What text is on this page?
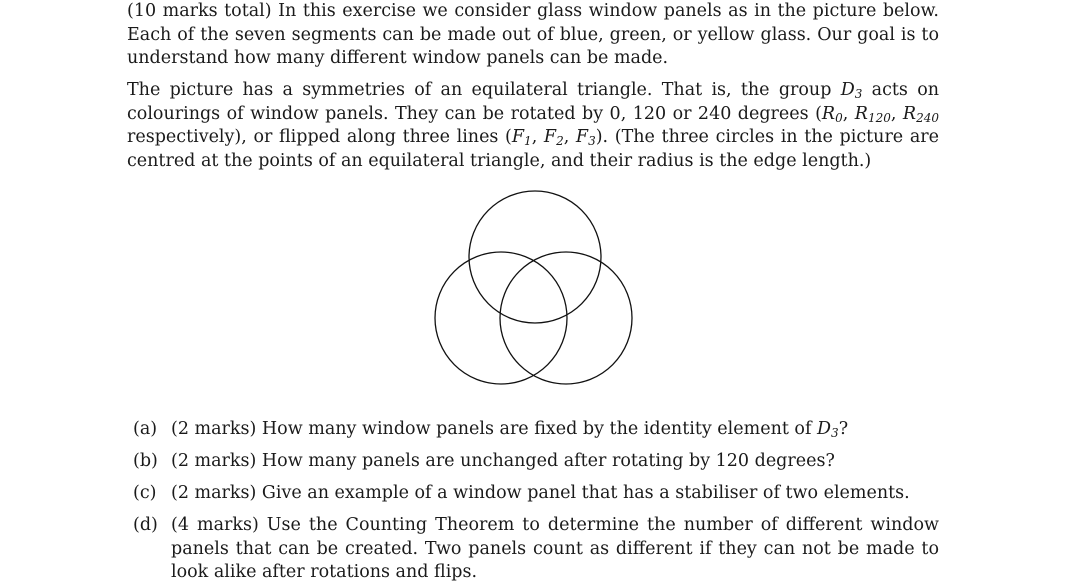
(10 marks total) In this exercise we consider glass window panels as in the picture below. Each of the seven segments can be made out of blue, green, or yellow glass. Our goal is to understand how many different window panels can be made.

The picture has a symmetries of an equilateral triangle. That is, the group $D_3$ acts on colourings of window panels. They can be rotated by 0, 120 or 240 degrees ($R_0$, $R_{120}$, $R_{240}$ respectively), or flipped along three lines ($F_1$, $F_2$, $F_3$). (The three circles in the picture are centred at the points of an equilateral triangle, and their radius is the edge length.)

(a) (2 marks) How many window panels are fixed by the identity element of $D_3$?
(b) (2 marks) How many panels are unchanged after rotating by 120 degrees?
(c) (2 marks) Give an example of a window panel that has a stabiliser of two elements.
(d) (4 marks) Use the Counting Theorem to determine the number of different window panels that can be created. Two panels count as different if they can not be made to look alike after rotations and flips.
